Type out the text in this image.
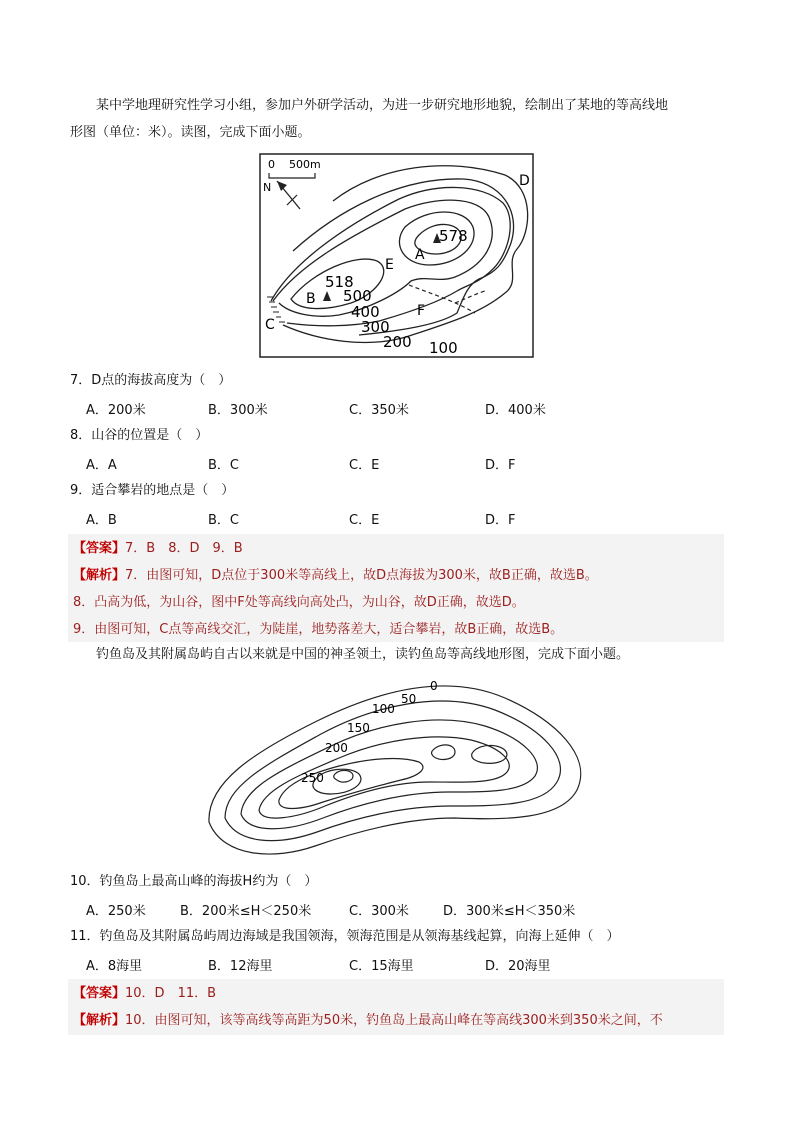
某中学地理研究性学习小组，参加户外研学活动，为进一步研究地形地貌，绘制出了某地的等高线地
形图（单位：米）。读图，完成下面小题。
0 500m
N
578
518
A
B
C
D
E
F
500
400
300
200 100
7．D点的海拔高度为（　）
A．200米	B．300米	C．350米	D．400米
8．山谷的位置是（　）
A．A	B．C	C．E	D．F
9．适合攀岩的地点是（　）
A．B	B．C	C．E	D．F
【答案】7．B　8．D　9．B
【解析】7．由图可知，D点位于300米等高线上，故D点海拔为300米，故B正确，故选B。
8．凸高为低，为山谷，图中F处等高线向高处凸，为山谷，故D正确，故选D。
9．由图可知，C点等高线交汇，为陡崖，地势落差大，适合攀岩，故B正确，故选B。
钓鱼岛及其附属岛屿自古以来就是中国的神圣领土，读钓鱼岛等高线地形图，完成下面小题。
0
50
100
150
200
250
10．钓鱼岛上最高山峰的海拔H约为（　）
A．250米	B．200米≤H＜250米	C．300米	D．300米≤H＜350米
11．钓鱼岛及其附属岛屿周边海域是我国领海，领海范围是从领海基线起算，向海上延伸（　）
A．8海里	B．12海里	C．15海里	D．20海里
【答案】10．D　11．B
【解析】10．由图可知，该等高线等高距为50米，钓鱼岛上最高山峰在等高线300米到350米之间，不
